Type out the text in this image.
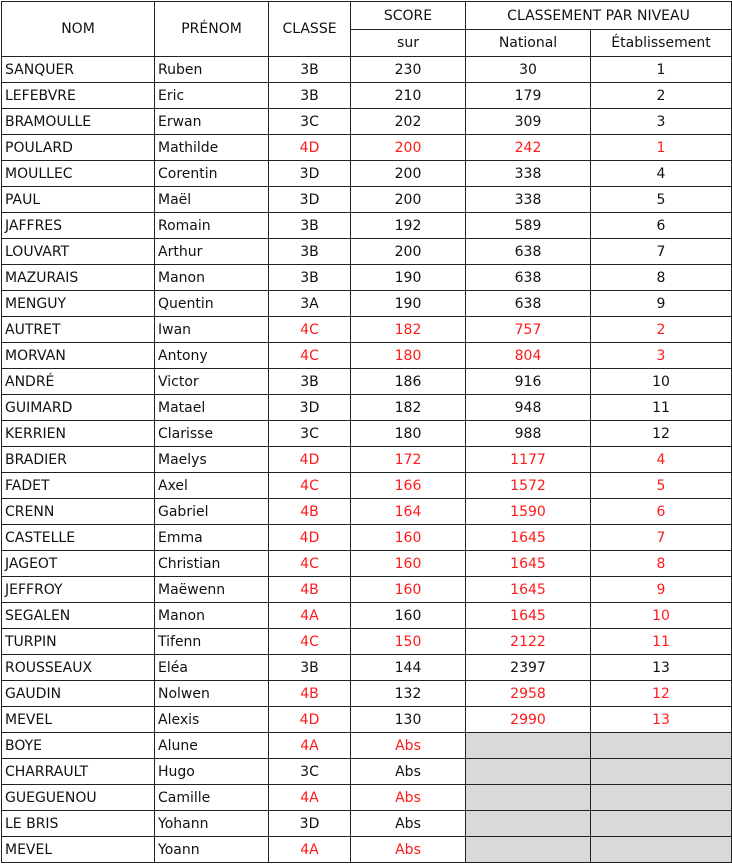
NOM	PRÉNOM	CLASSE	SCORE	CLASSEMENT PAR NIVEAU	
			sur	National	Établissement
SANQUER	Ruben	3B	230	30	1
LEFEBVRE	Eric	3B	210	179	2
BRAMOULLE	Erwan	3C	202	309	3
POULARD	Mathilde	4D	200	242	1
MOULLEC	Corentin	3D	200	338	4
PAUL	Maël	3D	200	338	5
JAFFRES	Romain	3B	192	589	6
LOUVART	Arthur	3B	200	638	7
MAZURAIS	Manon	3B	190	638	8
MENGUY	Quentin	3A	190	638	9
AUTRET	Iwan	4C	182	757	2
MORVAN	Antony	4C	180	804	3
ANDRÉ	Victor	3B	186	916	10
GUIMARD	Matael	3D	182	948	11
KERRIEN	Clarisse	3C	180	988	12
BRADIER	Maelys	4D	172	1177	4
FADET	Axel	4C	166	1572	5
CRENN	Gabriel	4B	164	1590	6
CASTELLE	Emma	4D	160	1645	7
JAGEOT	Christian	4C	160	1645	8
JEFFROY	Maëwenn	4B	160	1645	9
SEGALEN	Manon	4A	160	1645	10
TURPIN	Tifenn	4C	150	2122	11
ROUSSEAUX	Eléa	3B	144	2397	13
GAUDIN	Nolwen	4B	132	2958	12
MEVEL	Alexis	4D	130	2990	13
BOYE	Alune	4A	Abs		
CHARRAULT	Hugo	3C	Abs		
GUEGUENOU	Camille	4A	Abs		
LE BRIS	Yohann	3D	Abs		
MEVEL	Yoann	4A	Abs		
